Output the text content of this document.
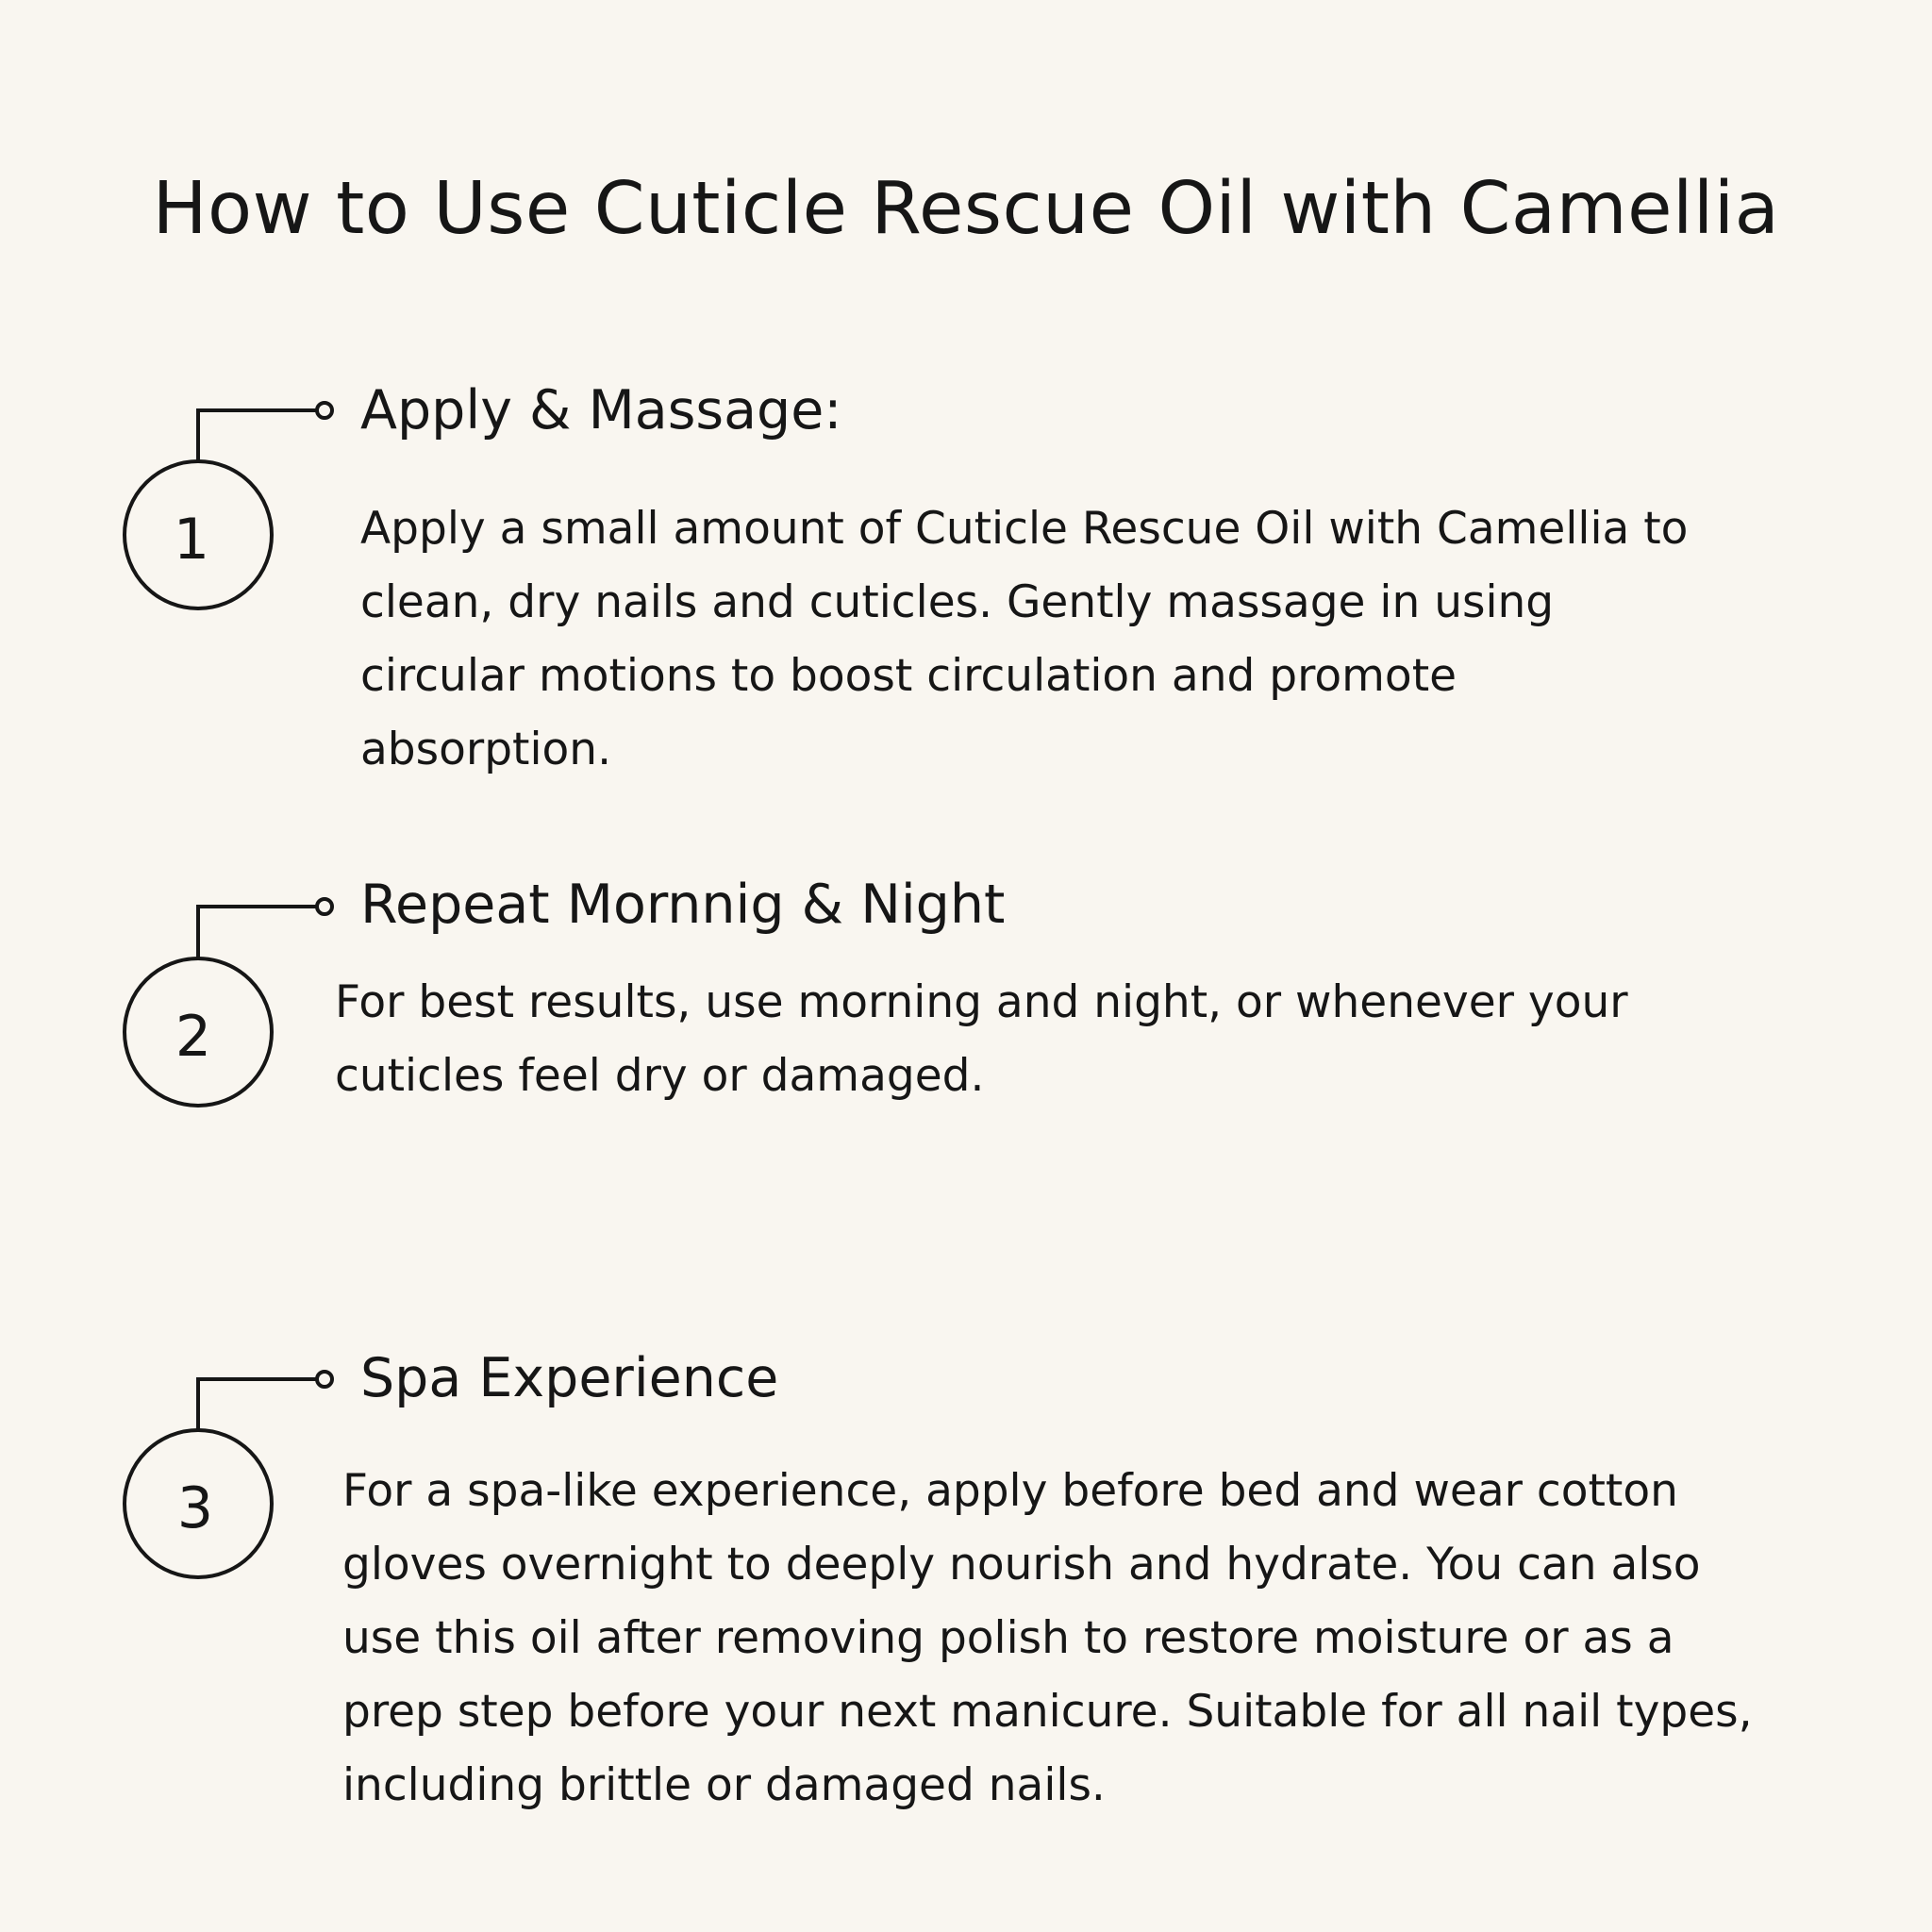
How to Use Cuticle Rescue Oil with Camellia
1
Apply & Massage:

Apply a small amount of Cuticle Rescue Oil with Camellia to clean, dry nails and cuticles. Gently massage in using circular motions to boost circulation and promote absorption.

2
Repeat Mornnig & Night

For best results, use morning and night, or whenever your cuticles feel dry or damaged.

3
Spa Experience

For a spa-like experience, apply before bed and wear cotton gloves overnight to deeply nourish and hydrate. You can also use this oil after removing polish to restore moisture or as a prep step before your next manicure. Suitable for all nail types, including brittle or damaged nails.
